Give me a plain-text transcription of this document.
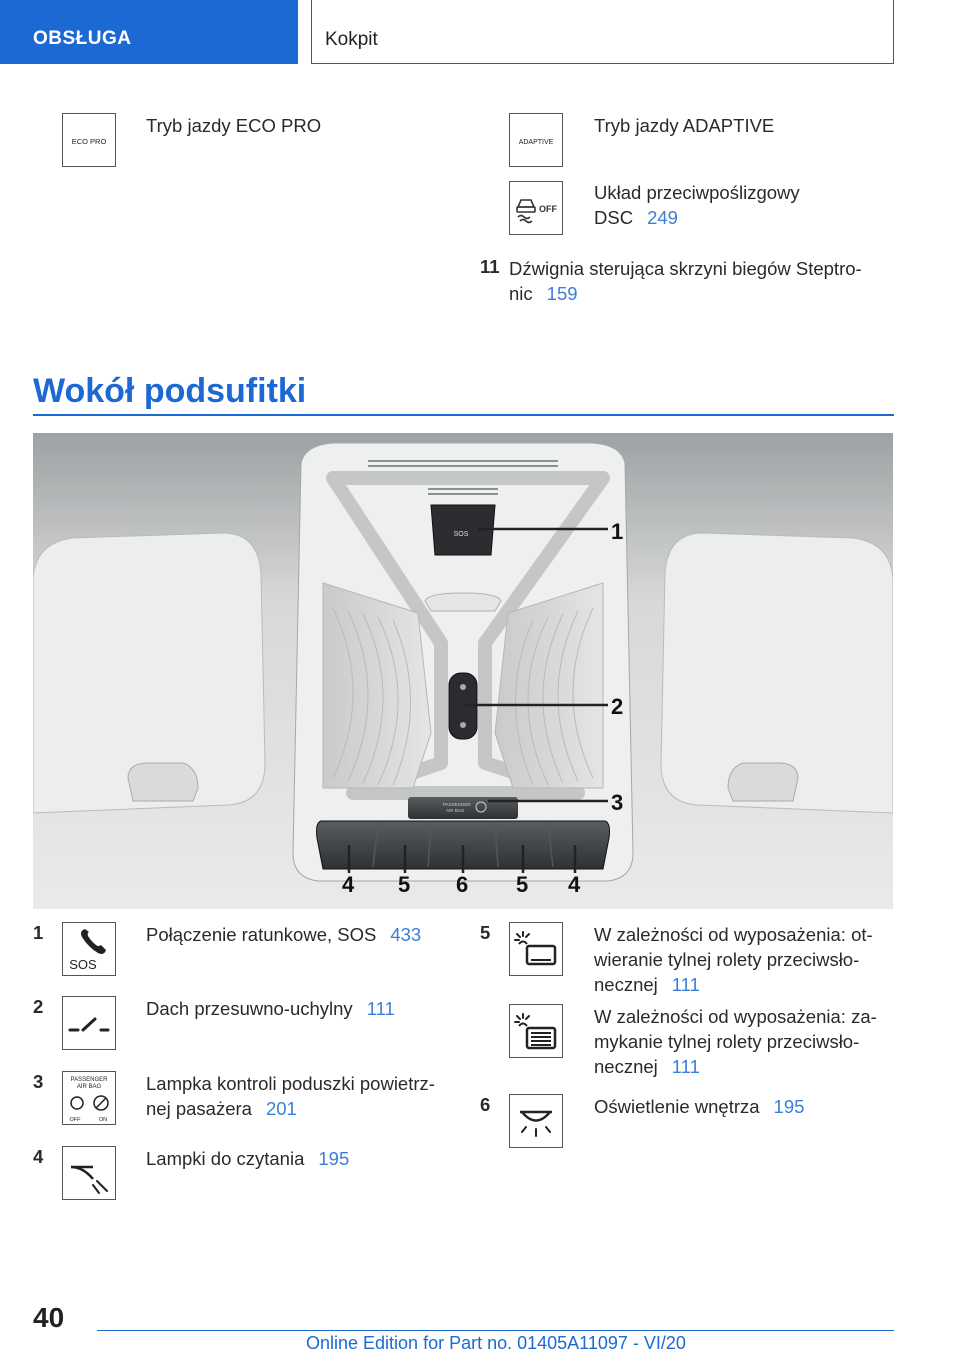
OBSŁUGA	Kokpit
ECO PRO
Tryb jazdy ECO PRO
ADAPTIVE
Tryb jazdy ADAPTIVE
OFF
Układ przeciwpoślizgowy
DSC 249
11 Dźwignia sterująca skrzyni biegów Steptro‐
nic 159
Wokół podsufitki
SOS
PASSENGER
AIR BAG
1
2
3
4 5 6 5 4
1
SOS
Połączenie ratunkowe, SOS 433
2	Dach przesuwno-uchylny 111
3	PASSENGER
AIR BAG
OFF	ON
Lampka kontroli poduszki powietrz‐
nej pasażera 201
4	Lampki do czytania 195
5	W zależności od wyposażenia: ot‐
wieranie tylnej rolety przeciwsło‐
necznej 111
W zależności od wyposażenia: za‐
mykanie tylnej rolety przeciwsło‐
necznej 111
6	Oświetlenie wnętrza 195
40
Online Edition for Part no. 01405A11097 - VI/20
